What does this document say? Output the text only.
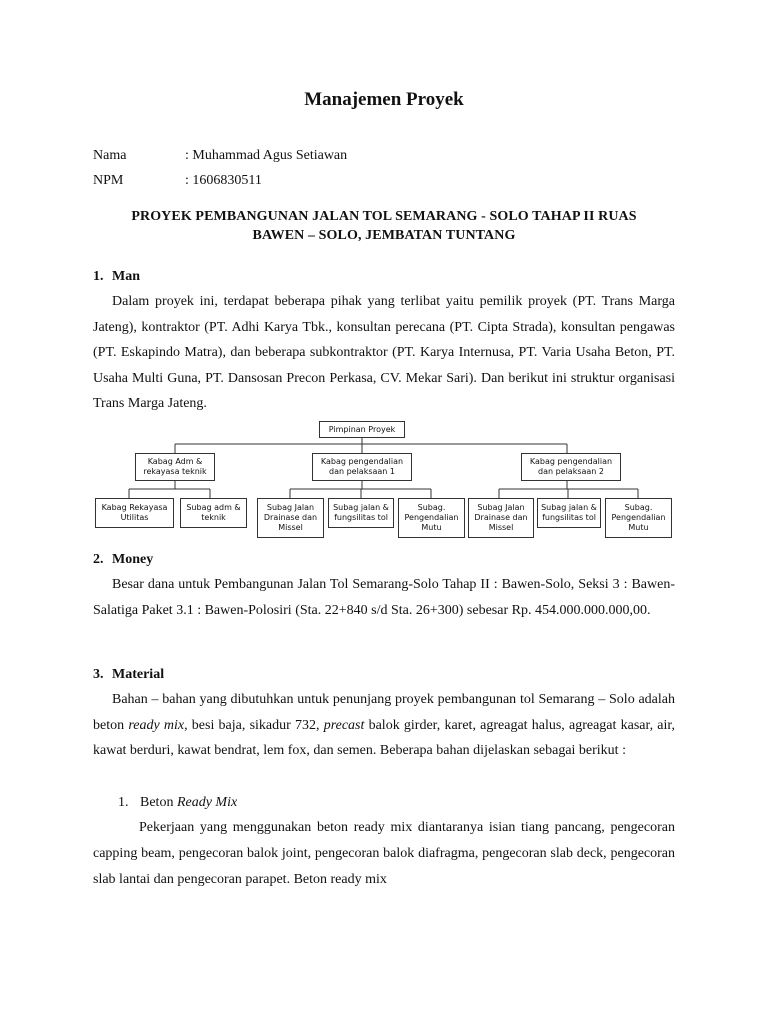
Manajemen Proyek
Nama	: Muhammad Agus Setiawan
NPM	: 1606830511
PROYEK PEMBANGUNAN JALAN TOL SEMARANG - SOLO TAHAP II RUAS
BAWEN – SOLO, JEMBATAN TUNTANG
1. Man

Dalam proyek ini, terdapat beberapa pihak yang terlibat yaitu pemilik proyek (PT. Trans Marga Jateng), kontraktor (PT. Adhi Karya Tbk., konsultan perecana (PT. Cipta Strada), konsultan pengawas (PT. Eskapindo Matra), dan beberapa subkontraktor (PT. Karya Internusa, PT. Varia Usaha Beton, PT. Usaha Multi Guna, PT. Dansosan Precon Perkasa, CV. Mekar Sari). Dan berikut ini struktur organisasi Trans Marga Jateng.

Pimpinan Proyek
Kabag Adm & rekayasa teknik
Kabag pengendalian dan pelaksaan 1
Kabag pengendalian dan pelaksaan 2
Kabag Rekayasa Utilitas
Subag adm & teknik
Subag Jalan Drainase dan Missel
Subag jalan & fungsilitas tol
Subag. Pengendalian Mutu
Subag Jalan Drainase dan Missel
Subag jalan & fungsilitas tol
Subag. Pengendalian Mutu
2. Money

Besar dana untuk Pembangunan Jalan Tol Semarang-Solo Tahap II : Bawen-Solo, Seksi 3 : Bawen-Salatiga Paket 3.1 : Bawen-Polosiri (Sta. 22+840 s/d Sta. 26+300) sebesar Rp. 454.000.000.000,00.

3. Material

Bahan – bahan yang dibutuhkan untuk penunjang proyek pembangunan tol Semarang – Solo adalah beton ready mix, besi baja, sikadur 732, precast balok girder, karet, agreagat halus, agreagat kasar, air, kawat berduri, kawat bendrat, lem fox, dan semen. Beberapa bahan dijelaskan sebagai berikut :

1. Beton Ready Mix

Pekerjaan yang menggunakan beton ready mix diantaranya isian tiang pancang, pengecoran capping beam, pengecoran balok joint, pengecoran balok diafragma, pengecoran slab deck, pengecoran slab lantai dan pengecoran parapet. Beton ready mix
